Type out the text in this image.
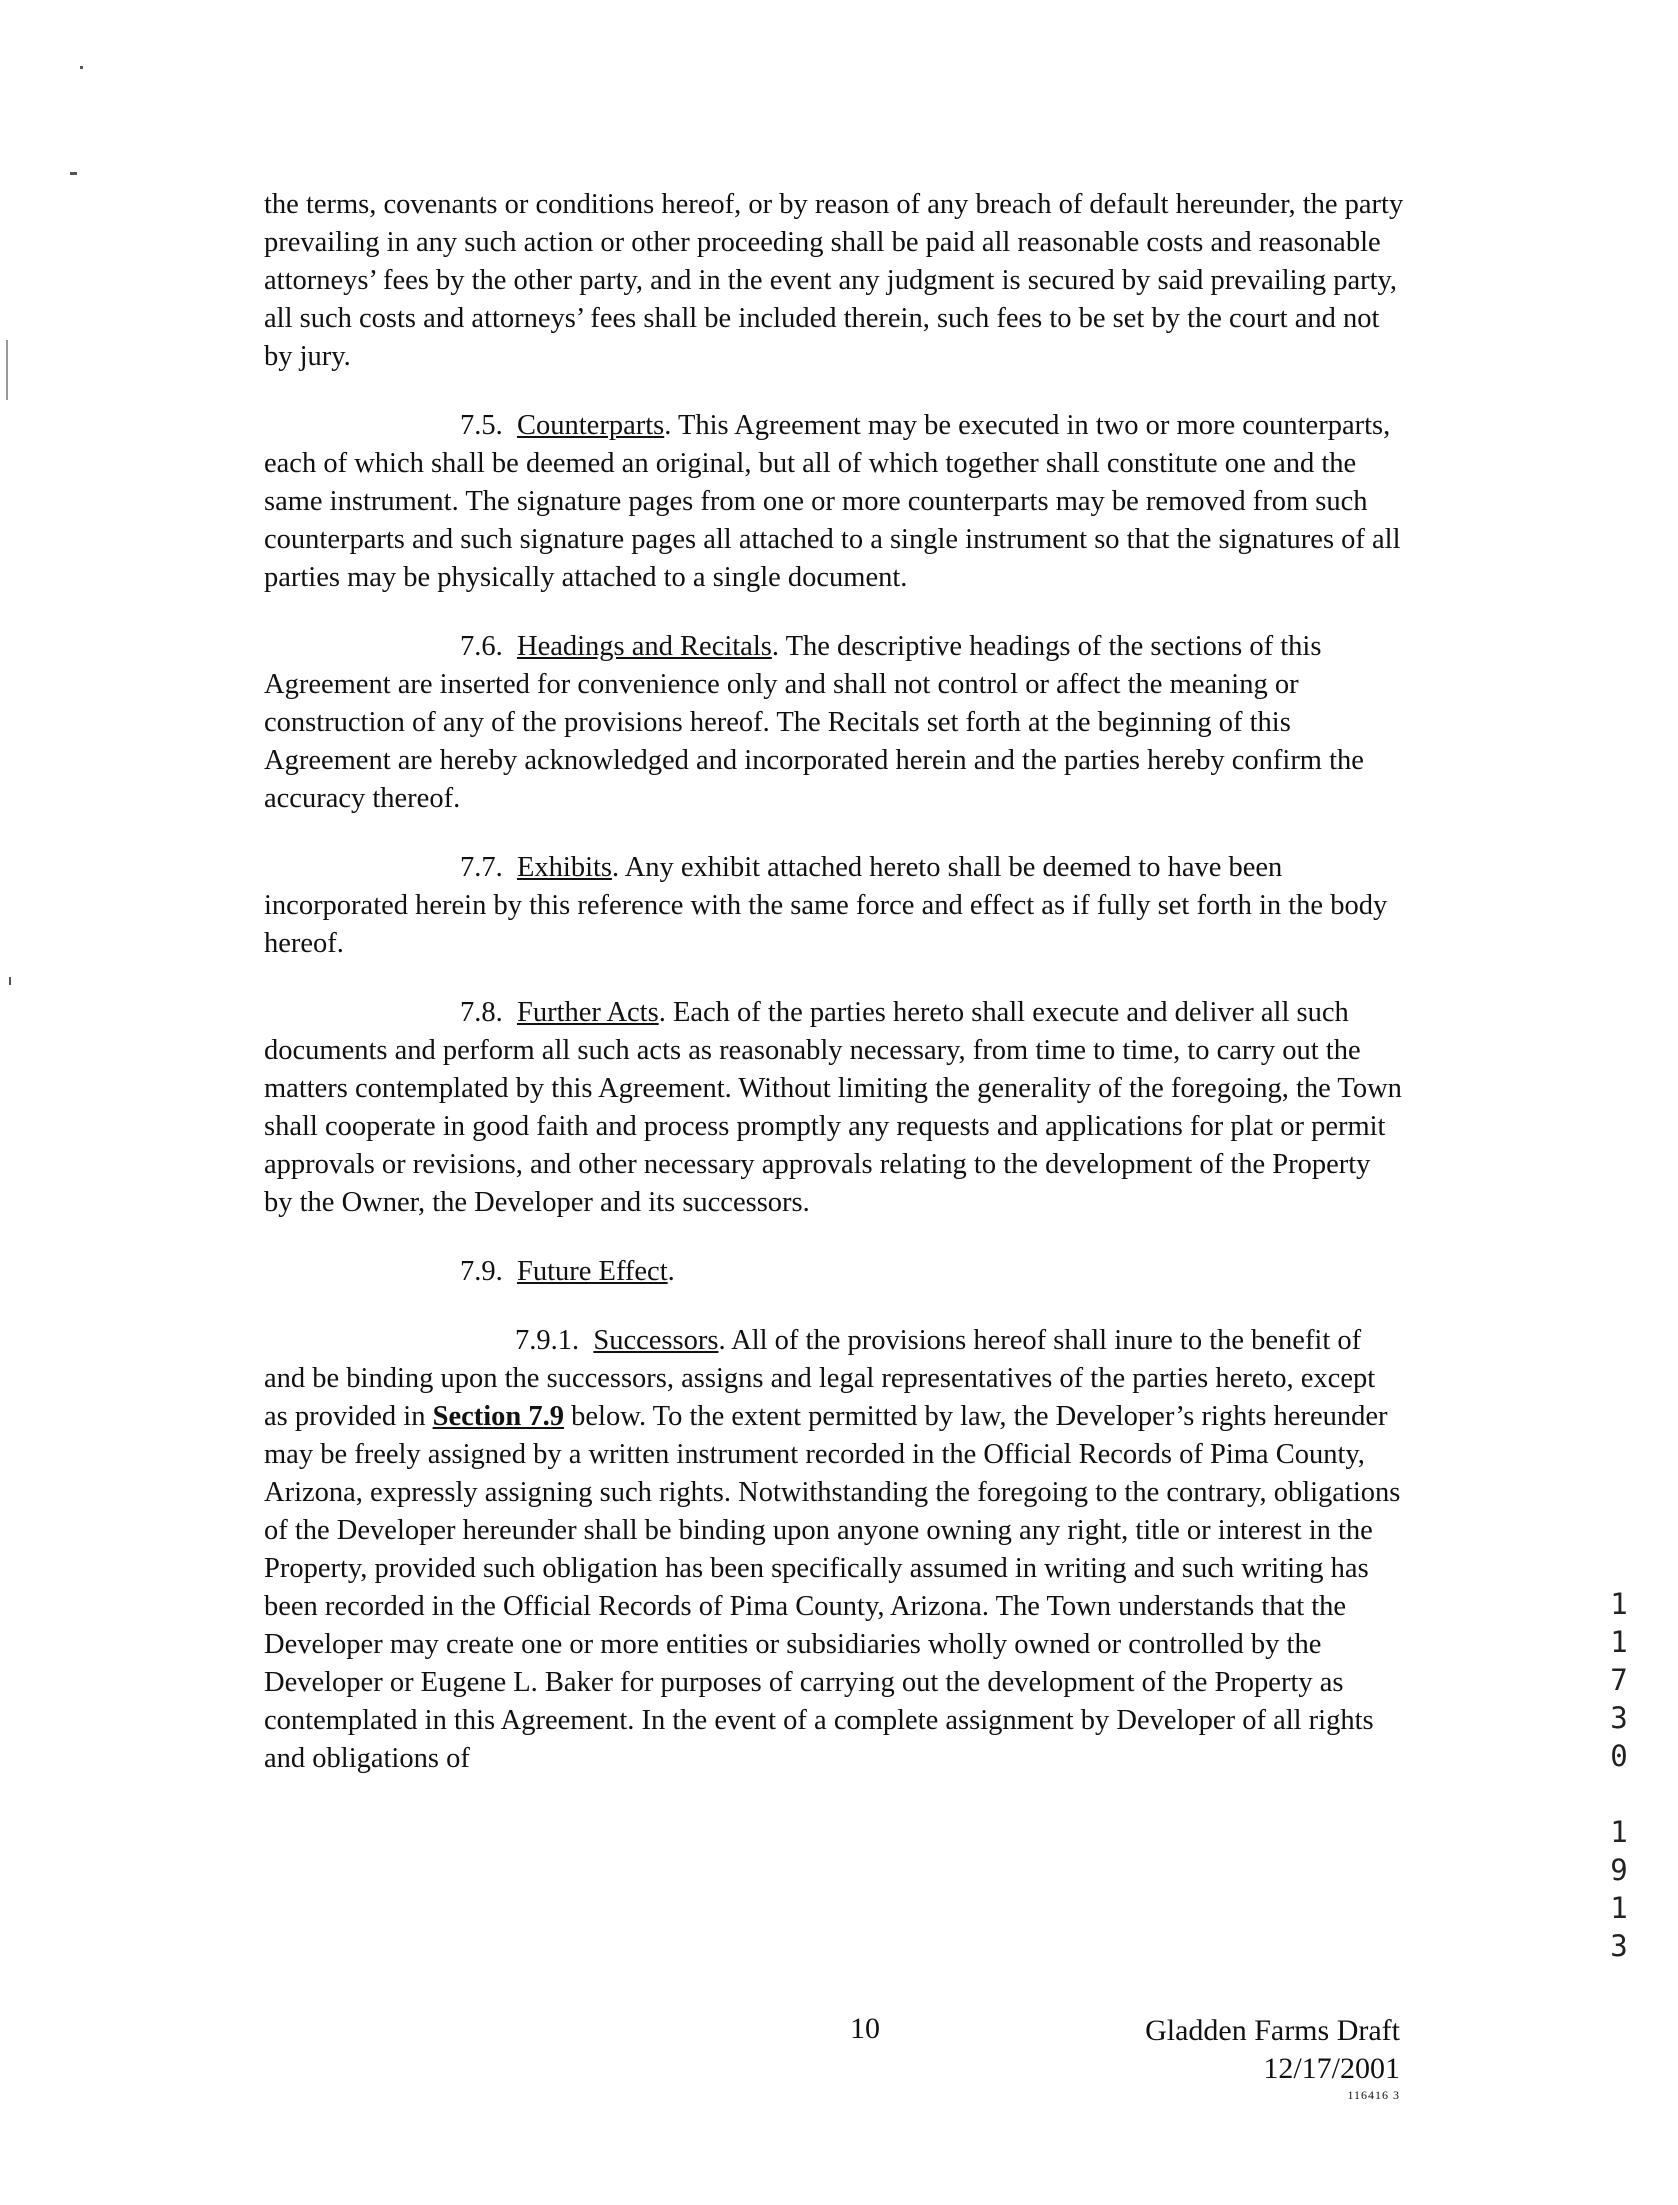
the terms, covenants or conditions hereof, or by reason of any breach of default hereunder, the party prevailing in any such action or other proceeding shall be paid all reasonable costs and reasonable attorneys’ fees by the other party, and in the event any judgment is secured by said prevailing party, all such costs and attorneys’ fees shall be included therein, such fees to be set by the court and not by jury.

7.5. Counterparts. This Agreement may be executed in two or more counterparts, each of which shall be deemed an original, but all of which together shall constitute one and the same instrument. The signature pages from one or more counterparts may be removed from such counterparts and such signature pages all attached to a single instrument so that the signatures of all parties may be physically attached to a single document.

7.6. Headings and Recitals. The descriptive headings of the sections of this Agreement are inserted for convenience only and shall not control or affect the meaning or construction of any of the provisions hereof. The Recitals set forth at the beginning of this Agreement are hereby acknowledged and incorporated herein and the parties hereby confirm the accuracy thereof.

7.7. Exhibits. Any exhibit attached hereto shall be deemed to have been incorporated herein by this reference with the same force and effect as if fully set forth in the body hereof.

7.8. Further Acts. Each of the parties hereto shall execute and deliver all such documents and perform all such acts as reasonably necessary, from time to time, to carry out the matters contemplated by this Agreement. Without limiting the generality of the foregoing, the Town shall cooperate in good faith and process promptly any requests and applications for plat or permit approvals or revisions, and other necessary approvals relating to the development of the Property by the Owner, the Developer and its successors.

7.9. Future Effect.

7.9.1. Successors. All of the provisions hereof shall inure to the benefit of and be binding upon the successors, assigns and legal representatives of the parties hereto, except as provided in Section 7.9 below. To the extent permitted by law, the Developer’s rights hereunder may be freely assigned by a written instrument recorded in the Official Records of Pima County, Arizona, expressly assigning such rights. Notwithstanding the foregoing to the contrary, obligations of the Developer hereunder shall be binding upon anyone owning any right, title or interest in the Property, provided such obligation has been specifically assumed in writing and such writing has been recorded in the Official Records of Pima County, Arizona. The Town understands that the Developer may create one or more entities or subsidiaries wholly owned or controlled by the Developer or Eugene L. Baker for purposes of carrying out the development of the Property as contemplated in this Agreement. In the event of a complete assignment by Developer of all rights and obligations of

10	Gladden Farms Draft
12/17/2001
116416 3
1
1
7
3
0
1
9
1
3
